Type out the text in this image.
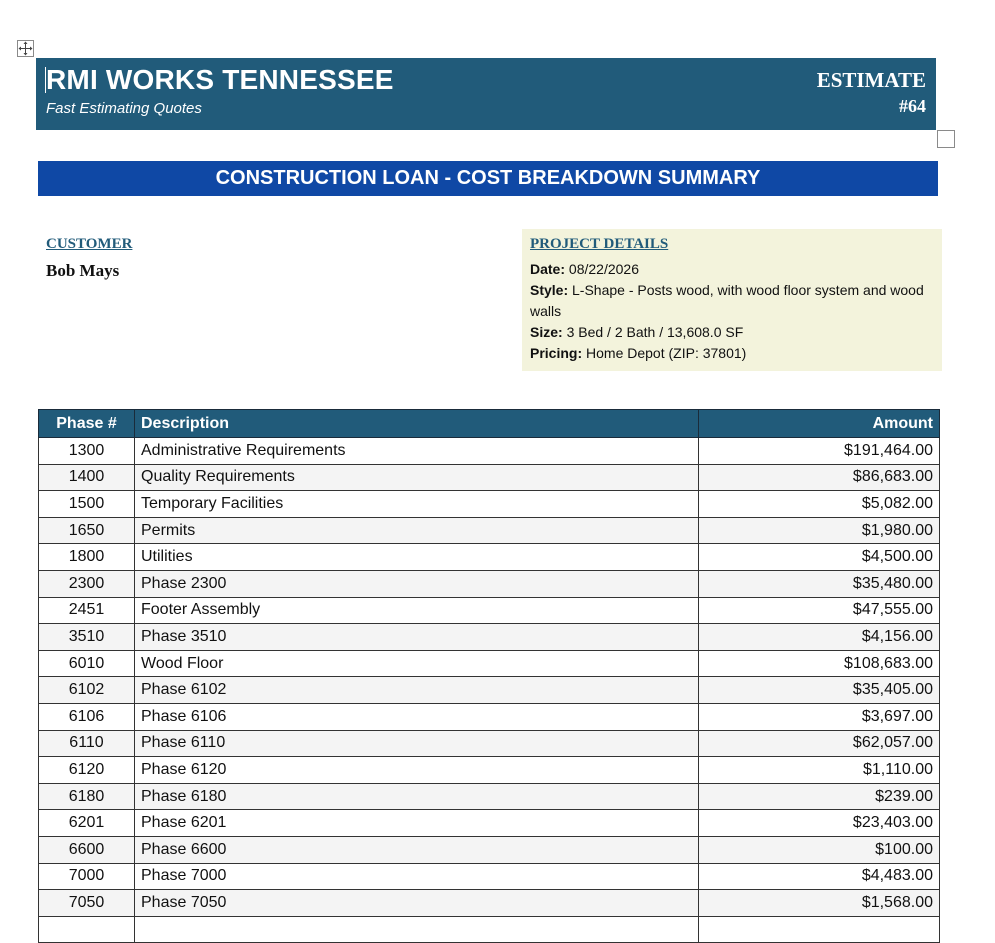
RMI WORKS TENNESSEE
Fast Estimating Quotes
ESTIMATE
#64
CONSTRUCTION LOAN - COST BREAKDOWN SUMMARY
CUSTOMER
Bob Mays
PROJECT DETAILS
Date: 08/22/2026
Style: L-Shape - Posts wood, with wood floor system and wood walls
Size: 3 Bed / 2 Bath / 13,608.0 SF
Pricing: Home Depot (ZIP: 37801)
Phase #	Description	Amount
1300	Administrative Requirements	$191,464.00
1400	Quality Requirements	$86,683.00
1500	Temporary Facilities	$5,082.00
1650	Permits	$1,980.00
1800	Utilities	$4,500.00
2300	Phase 2300	$35,480.00
2451	Footer Assembly	$47,555.00
3510	Phase 3510	$4,156.00
6010	Wood Floor	$108,683.00
6102	Phase 6102	$35,405.00
6106	Phase 6106	$3,697.00
6110	Phase 6110	$62,057.00
6120	Phase 6120	$1,110.00
6180	Phase 6180	$239.00
6201	Phase 6201	$23,403.00
6600	Phase 6600	$100.00
7000	Phase 7000	$4,483.00
7050	Phase 7050	$1,568.00
